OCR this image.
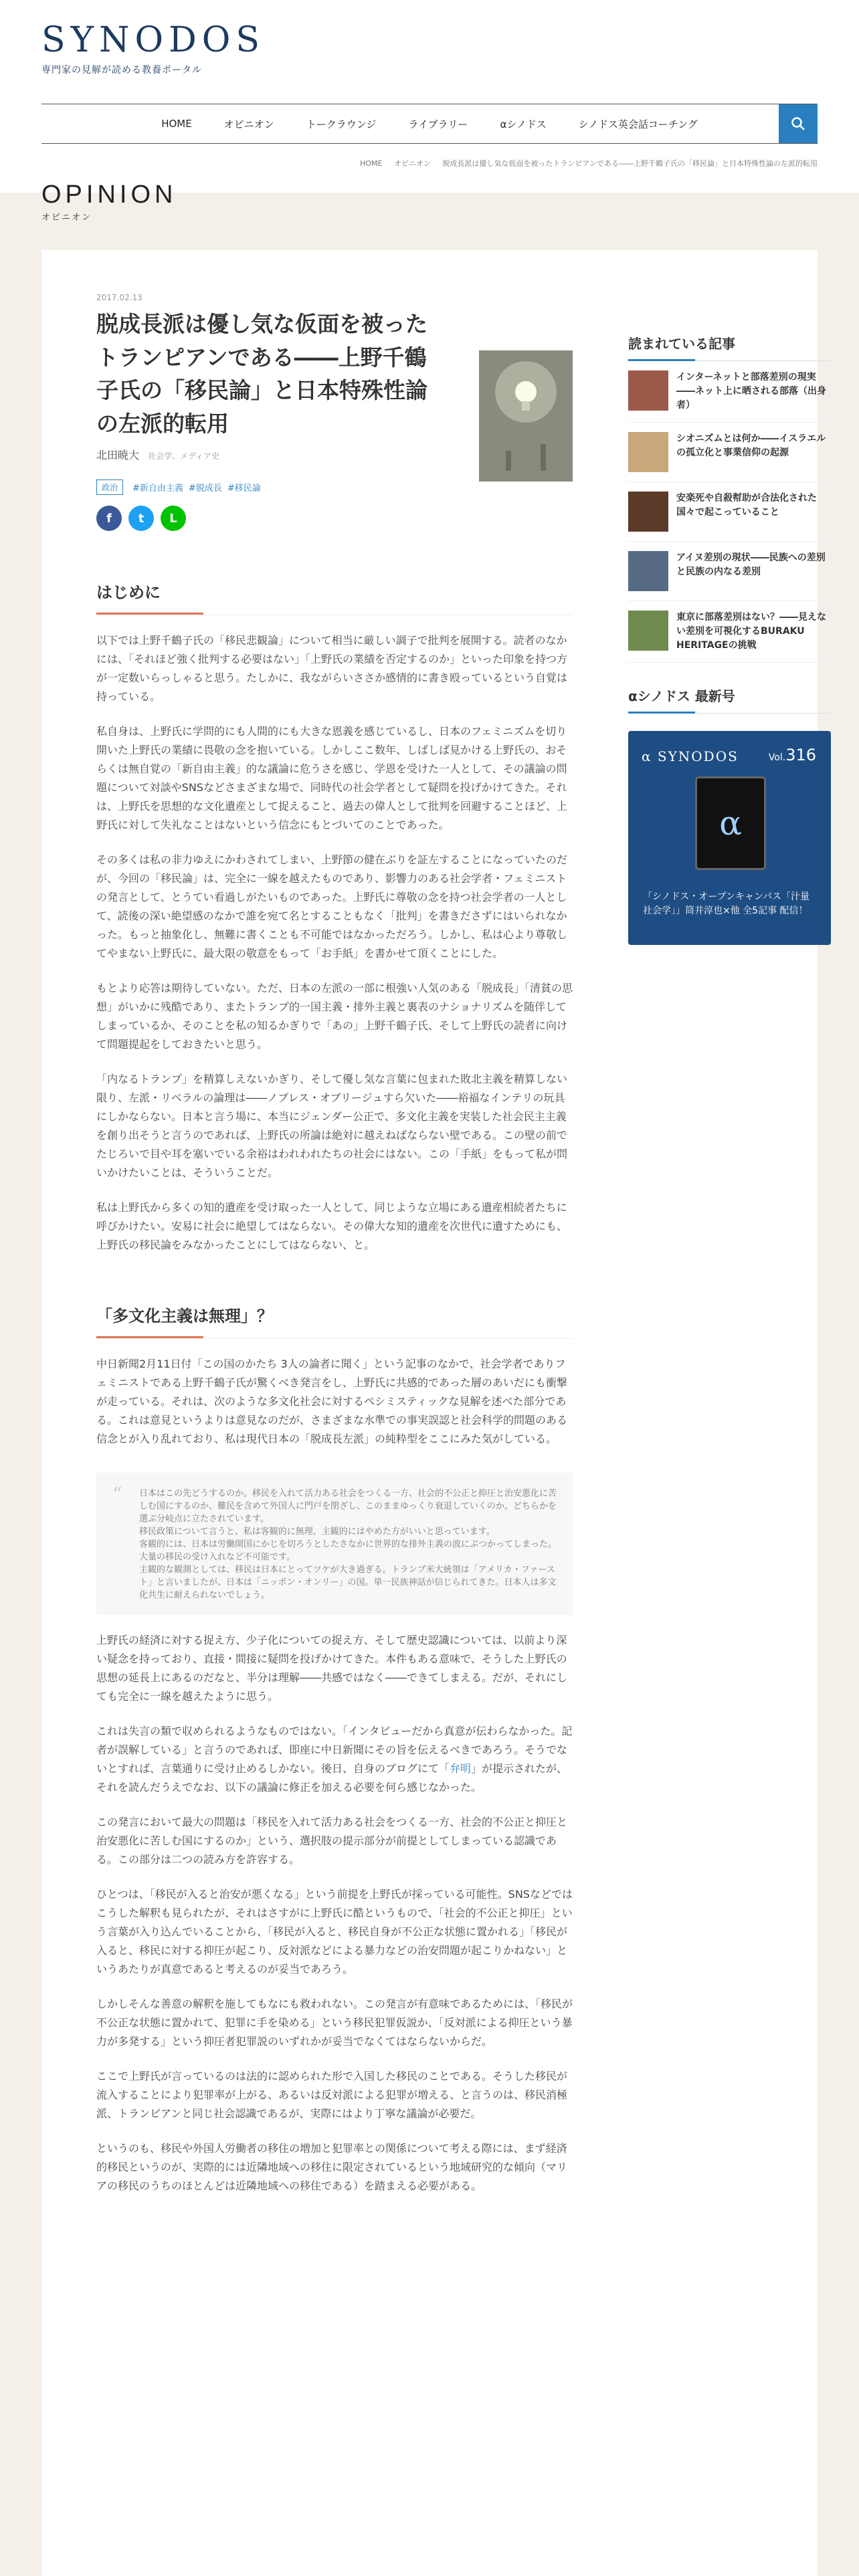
SYNODOS
専門家の見解が読める教養ポータル
HOME	オピニオン	トークラウンジ	ライブラリー	αシノドス	シノドス英会話コーチング
HOME オピニオン 脱成長派は優し気な仮面を被ったトランピアンである――上野千鶴子氏の「移民論」と日本特殊性論の左派的転用
OPINION
オピニオン
2017.02.13
脱成長派は優し気な仮面を被ったトランピアンである――上野千鶴子氏の「移民論」と日本特殊性論の左派的転用
北田暁大 社会学、メディア史
政治	#新自由主義 #脱成長 #移民論
f t L
はじめに

以下では上野千鶴子氏の「移民悲観論」について相当に厳しい調子で批判を展開する。読者のなかには、「それほど強く批判する必要はない」「上野氏の業績を否定するのか」といった印象を持つ方が一定数いらっしゃると思う。たしかに、我ながらいささか感情的に書き殴っているという自覚は持っている。

私自身は、上野氏に学問的にも人間的にも大きな恩義を感じているし、日本のフェミニズムを切り開いた上野氏の業績に畏敬の念を抱いている。しかしここ数年、しばしば見かける上野氏の、おそらくは無自覚の「新自由主義」的な議論に危うさを感じ、学恩を受けた一人として、その議論の問題について対談やSNSなどさまざまな場で、同時代の社会学者として疑問を投げかけてきた。それは、上野氏を思想的な文化遺産として捉えること、過去の偉人として批判を回避することほど、上野氏に対して失礼なことはないという信念にもとづいてのことであった。

その多くは私の非力ゆえにかわされてしまい、上野節の健在ぶりを証左することになっていたのだが、今回の「移民論」は、完全に一線を越えたものであり、影響力のある社会学者・フェミニストの発言として、とうてい看過しがたいものであった。上野氏に尊敬の念を持つ社会学者の一人として、読後の深い絶望感のなかで誰を宛て名とすることもなく「批判」を書きださずにはいられなかった。もっと抽象化し、無難に書くことも不可能ではなかっただろう。しかし、私は心より尊敬してやまない上野氏に、最大限の敬意をもって「お手紙」を書かせて頂くことにした。

もとより応答は期待していない。ただ、日本の左派の一部に根強い人気のある「脱成長」「清貧の思想」がいかに残酷であり、またトランプ的一国主義・排外主義と裏表のナショナリズムを随伴してしまっているか、そのことを私の知るかぎりで「あの」上野千鶴子氏、そして上野氏の読者に向けて問題提起をしておきたいと思う。

「内なるトランプ」を精算しえないかぎり、そして優し気な言葉に包まれた敗北主義を精算しない限り、左派・リベラルの論理は――ノブレス・オブリージュすら欠いた――裕福なインテリの玩具にしかならない。日本と言う場に、本当にジェンダー公正で、多文化主義を実装した社会民主主義を創り出そうと言うのであれば、上野氏の所論は絶対に越えねばならない壁である。この壁の前でたじろいで目や耳を塞いでいる余裕はわれわれたちの社会にはない。この「手紙」をもって私が問いかけたいことは、そういうことだ。

私は上野氏から多くの知的遺産を受け取った一人として、同じような立場にある遺産相続者たちに呼びかけたい。安易に社会に絶望してはならない。その偉大な知的遺産を次世代に遺すためにも、上野氏の移民論をみなかったことにしてはならない、と。

「多文化主義は無理」？

中日新聞2月11日付「この国のかたち 3人の論者に聞く」という記事のなかで、社会学者でありフェミニストである上野千鶴子氏が驚くべき発言をし、上野氏に共感的であった層のあいだにも衝撃が走っている。それは、次のような多文化社会に対するペシミスティックな見解を述べた部分である。これは意見というよりは意見なのだが、さまざまな水準での事実誤認と社会科学的問題のある信念とが入り乱れており、私は現代日本の「脱成長左派」の純粋型をここにみた気がしている。

“ 日本はこの先どうするのか。移民を入れて活力ある社会をつくる一方、社会的不公正と抑圧と治安悪化に苦しむ国にするのか、難民を含めて外国人に門戸を閉ざし、このままゆっくり衰退していくのか。どちらかを選ぶ分岐点に立たされています。

移民政策について言うと、私は客観的に無理、主観的にはやめた方がいいと思っています。

客観的には、日本は労働開国にかじを切ろうとしたさなかに世界的な排外主義の波にぶつかってしまった。大量の移民の受け入れなど不可能です。

主観的な観測としては、移民は日本にとってツケが大き過ぎる。トランプ米大統領は「アメリカ・ファースト」と言いましたが、日本は「ニッポン・オンリー」の国。単一民族神話が信じられてきた。日本人は多文化共生に耐えられないでしょう。

上野氏の経済に対する捉え方、少子化についての捉え方、そして歴史認識については、以前より深い疑念を持っており、直接・間接に疑問を投げかけてきた。本件もある意味で、そうした上野氏の思想の延長上にあるのだなと、半分は理解――共感ではなく――できてしまえる。だが、それにしても完全に一線を越えたように思う。

これは失言の類で収められるようなものではない。「インタビューだから真意が伝わらなかった。記者が誤解している」と言うのであれば、即座に中日新聞にその旨を伝えるべきであろう。そうでないとすれば、言葉通りに受け止めるしかない。後日、自身のブログにて「弁明」が提示されたが、それを読んだうえでなお、以下の議論に修正を加える必要を何ら感じなかった。

この発言において最大の問題は「移民を入れて活力ある社会をつくる一方、社会的不公正と抑圧と治安悪化に苦しむ国にするのか」という、選択肢の提示部分が前提としてしまっている認識である。この部分は二つの読み方を許容する。

ひとつは、「移民が入ると治安が悪くなる」という前提を上野氏が採っている可能性。SNSなどではこうした解釈も見られたが、それはさすがに上野氏に酷というもので、「社会的不公正と抑圧」という言葉が入り込んでいることから、「移民が入ると、移民自身が不公正な状態に置かれる」「移民が入ると、移民に対する抑圧が起こり、反対派などによる暴力などの治安問題が起こりかねない」というあたりが真意であると考えるのが妥当であろう。

しかしそんな善意の解釈を施してもなにも救われない。この発言が有意味であるためには、「移民が不公正な状態に置かれて、犯罪に手を染める」という移民犯罪仮説か、「反対派による抑圧という暴力が多発する」という抑圧者犯罪説のいずれかが妥当でなくてはならないからだ。

ここで上野氏が言っているのは法的に認められた形で入国した移民のことである。そうした移民が流入することにより犯罪率が上がる、あるいは反対派による犯罪が増える、と言うのは、移民消極派、トランピアンと同じ社会認識であるが、実際にはより丁寧な議論が必要だ。

というのも、移民や外国人労働者の移住の増加と犯罪率との関係について考える際には、まず経済的移民というのが、実際的には近隣地域への移住に限定されているという地域研究的な傾向（マリアの移民のうちのほとんどは近隣地域への移住である）を踏まえる必要がある。

読まれている記事
インターネットと部落差別の現実――ネット上に晒される部落（出身者）
シオニズムとは何か――イスラエルの孤立化と事業信仰の起源
安楽死や自殺幇助が合法化された国々で起こっていること
アイヌ差別の現状――民族への差別と民族の内なる差別
東京に部落差別はない？――見えない差別を可視化するBURAKU HERITAGEの挑戦
αシノドス 最新号
α SYNODOS	Vol.316
α
「シノドス・オープンキャンパス「汁量社会学」」筒井淳也×他 全5記事 配信！
